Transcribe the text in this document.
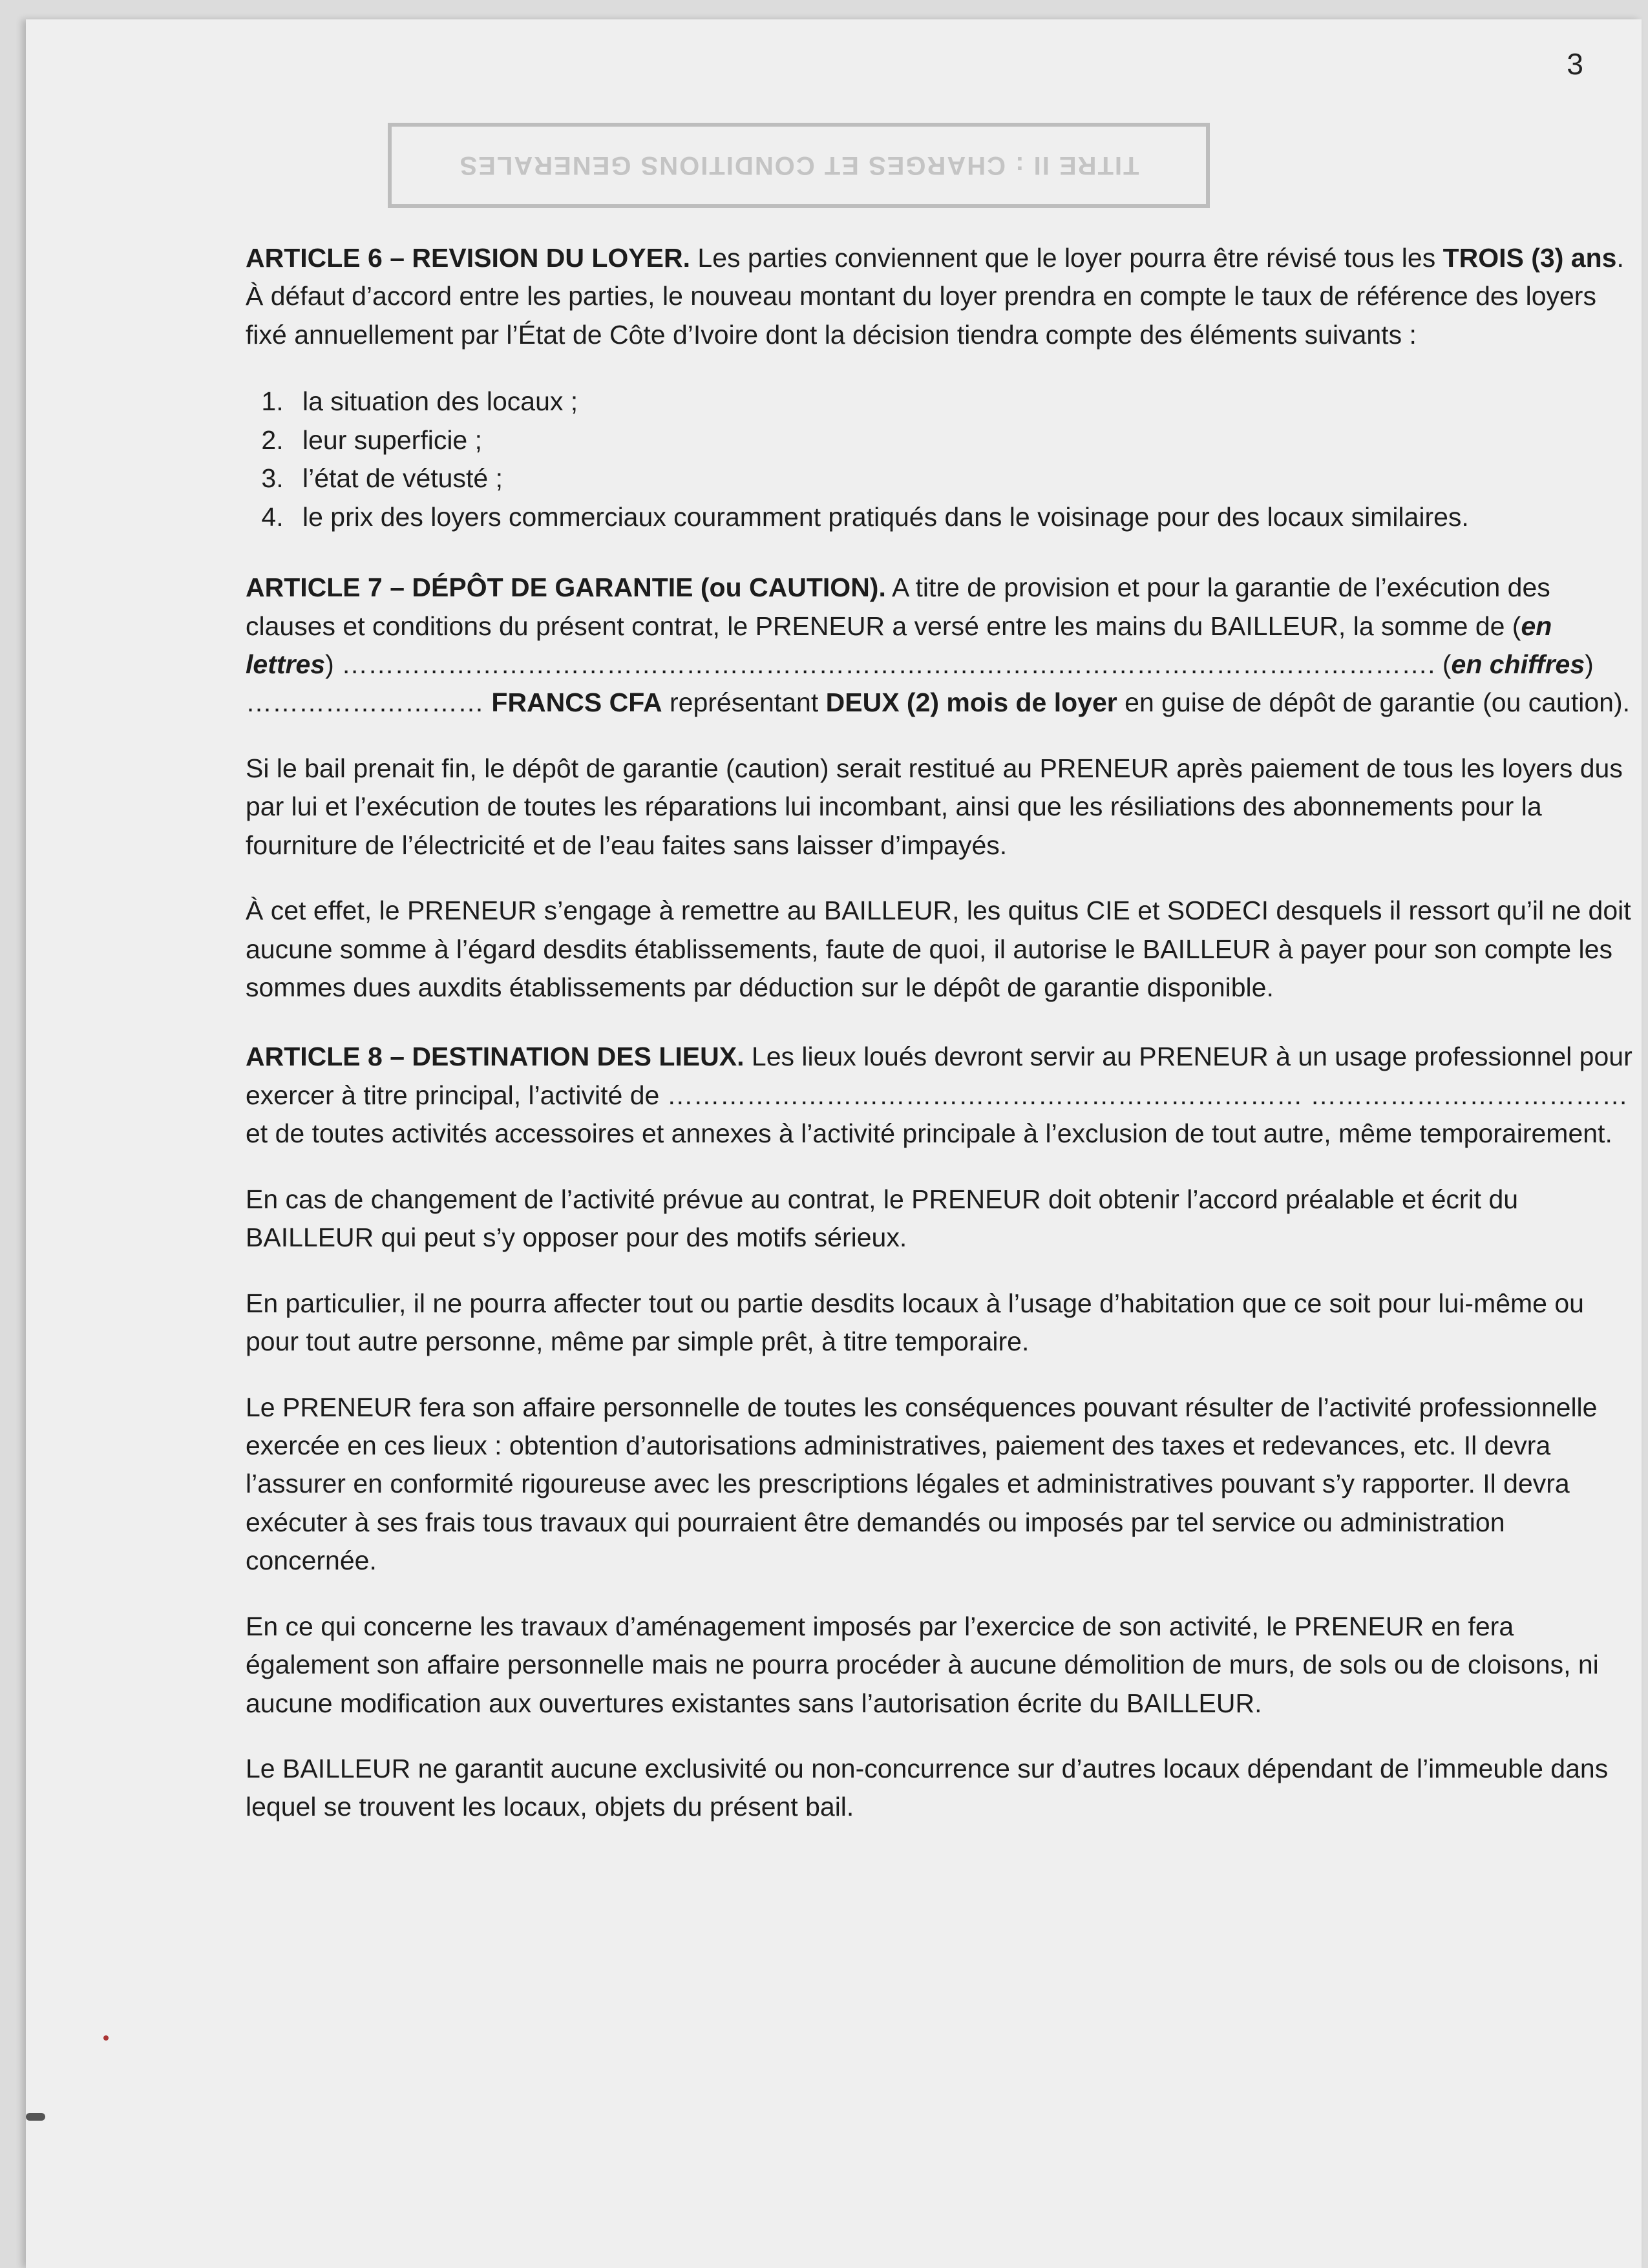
TITRE II : CHARGES ET CONDITIONS GENERALES
3

ARTICLE 6 – REVISION DU LOYER. Les parties conviennent que le loyer pourra être révisé tous les TROIS (3) ans. À défaut d’accord entre les parties, le nouveau montant du loyer prendra en compte le taux de référence des loyers fixé annuellement par l’État de Côte d’Ivoire dont la décision tiendra compte des éléments suivants :

1. la situation des locaux ;
2. leur superficie ;
3. l’état de vétusté ;
4. le prix des loyers commerciaux couramment pratiqués dans le voisinage pour des locaux similaires.

ARTICLE 7 – DÉPÔT DE GARANTIE (ou CAUTION). A titre de provision et pour la garantie de l’exécution des clauses et conditions du présent contrat, le PRENEUR a versé entre les mains du BAILLEUR, la somme de (en lettres) ……………………………………………………………………………………………………………. (en chiffres) ……………………… FRANCS CFA représentant DEUX (2) mois de loyer en guise de dépôt de garantie (ou caution).

Si le bail prenait fin, le dépôt de garantie (caution) serait restitué au PRENEUR après paiement de tous les loyers dus par lui et l’exécution de toutes les réparations lui incombant, ainsi que les résiliations des abonnements pour la fourniture de l’électricité et de l’eau faites sans laisser d’impayés.

À cet effet, le PRENEUR s’engage à remettre au BAILLEUR, les quitus CIE et SODECI desquels il ressort qu’il ne doit aucune somme à l’égard desdits établissements, faute de quoi, il autorise le BAILLEUR à payer pour son compte les sommes dues auxdits établissements par déduction sur le dépôt de garantie disponible.

ARTICLE 8 – DESTINATION DES LIEUX. Les lieux loués devront servir au PRENEUR à un usage professionnel pour exercer à titre principal, l’activité de ……………………………………………………………… ………………………………et de toutes activités accessoires et annexes à l’activité principale à l’exclusion de tout autre, même temporairement.

En cas de changement de l’activité prévue au contrat, le PRENEUR doit obtenir l’accord préalable et écrit du BAILLEUR qui peut s’y opposer pour des motifs sérieux.

En particulier, il ne pourra affecter tout ou partie desdits locaux à l’usage d’habitation que ce soit pour lui-même ou pour tout autre personne, même par simple prêt, à titre temporaire.

Le PRENEUR fera son affaire personnelle de toutes les conséquences pouvant résulter de l’activité professionnelle exercée en ces lieux : obtention d’autorisations administratives, paiement des taxes et redevances, etc. Il devra l’assurer en conformité rigoureuse avec les prescriptions légales et administratives pouvant s’y rapporter. Il devra exécuter à ses frais tous travaux qui pourraient être demandés ou imposés par tel service ou administration concernée.

En ce qui concerne les travaux d’aménagement imposés par l’exercice de son activité, le PRENEUR en fera également son affaire personnelle mais ne pourra procéder à aucune démolition de murs, de sols ou de cloisons, ni aucune modification aux ouvertures existantes sans l’autorisation écrite du BAILLEUR.

Le BAILLEUR ne garantit aucune exclusivité ou non-concurrence sur d’autres locaux dépendant de l’immeuble dans lequel se trouvent les locaux, objets du présent bail.
